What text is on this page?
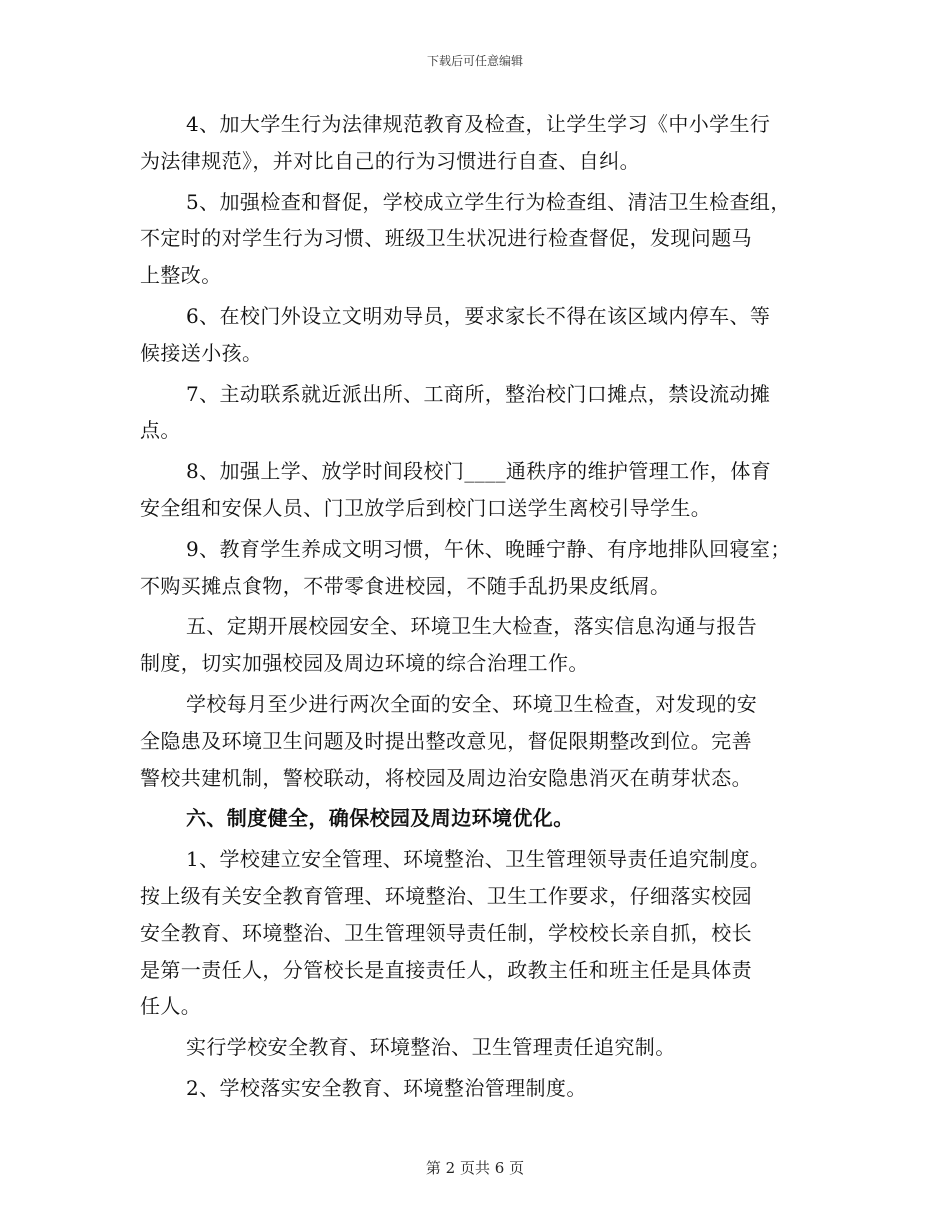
下载后可任意编辑
4、加大学生行为法律规范教育及检查，让学生学习《中小学生行
为法律规范》，并对比自己的行为习惯进行自查、自纠。
5、加强检查和督促，学校成立学生行为检查组、清洁卫生检查组，
不定时的对学生行为习惯、班级卫生状况进行检查督促，发现问题马
上整改。
6、在校门外设立文明劝导员，要求家长不得在该区域内停车、等
候接送小孩。
7、主动联系就近派出所、工商所，整治校门口摊点，禁设流动摊
点。
8、加强上学、放学时间段校门____通秩序的维护管理工作，体育
安全组和安保人员、门卫放学后到校门口送学生离校引导学生。
9、教育学生养成文明习惯，午休、晚睡宁静、有序地排队回寝室；
不购买摊点食物，不带零食进校园，不随手乱扔果皮纸屑。
五、定期开展校园安全、环境卫生大检查，落实信息沟通与报告
制度，切实加强校园及周边环境的综合治理工作。
学校每月至少进行两次全面的安全、环境卫生检查，对发现的安
全隐患及环境卫生问题及时提出整改意见，督促限期整改到位。完善
警校共建机制，警校联动，将校园及周边治安隐患消灭在萌芽状态。
六、制度健全，确保校园及周边环境优化。
1、学校建立安全管理、环境整治、卫生管理领导责任追究制度。
按上级有关安全教育管理、环境整治、卫生工作要求，仔细落实校园
安全教育、环境整治、卫生管理领导责任制，学校校长亲自抓，校长
是第一责任人，分管校长是直接责任人，政教主任和班主任是具体责
任人。
实行学校安全教育、环境整治、卫生管理责任追究制。
2、学校落实安全教育、环境整治管理制度。
第 2 页共 6 页
